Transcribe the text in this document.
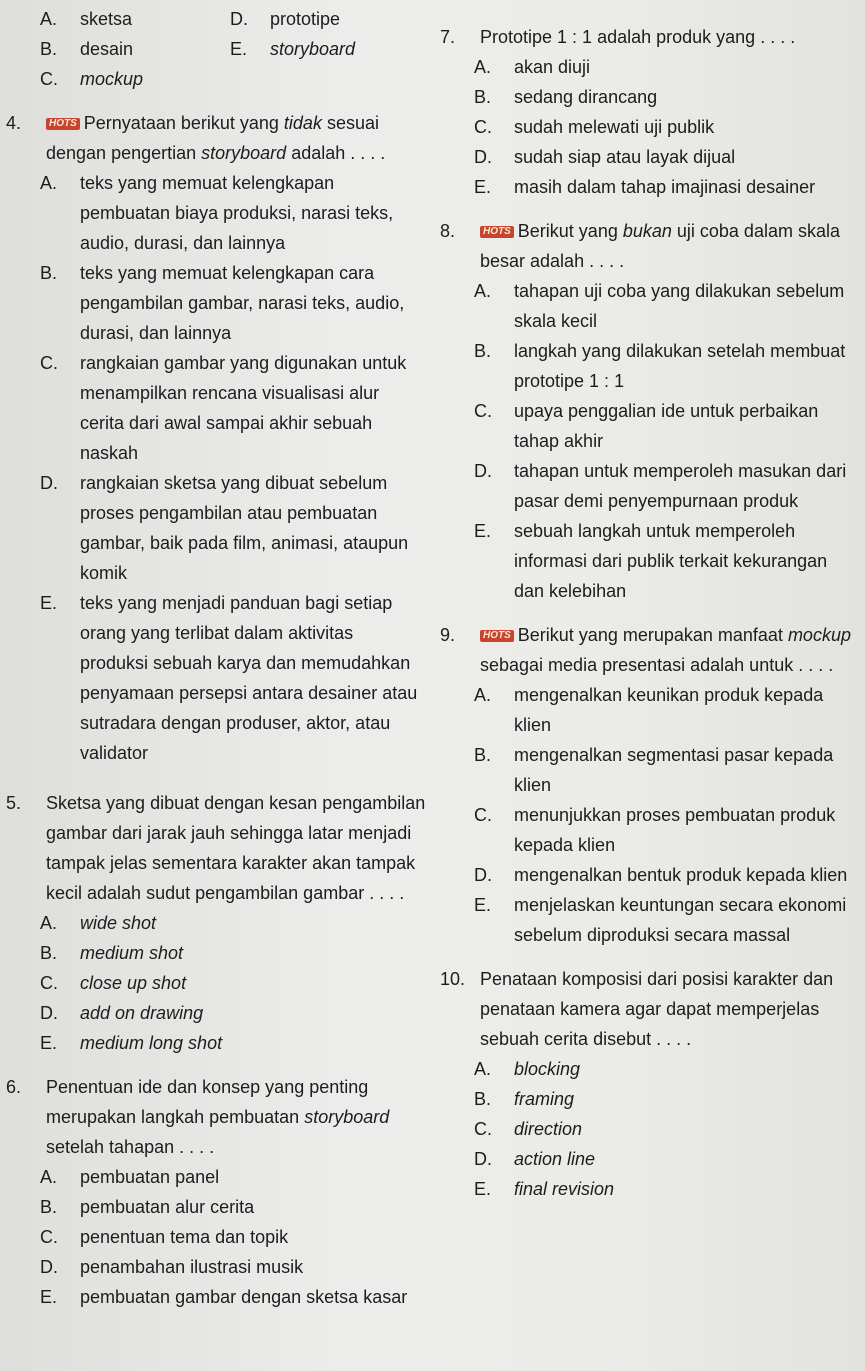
A.	sketsa	D.	prototipe
B.	desain	E.	storyboard
C.	mockup
4.	HOTS Pernyataan berikut yang tidak sesuai dengan pengertian storyboard adalah . . . .
A.	teks yang memuat kelengkapan pembuatan biaya produksi, narasi teks, audio, durasi, dan lainnya
B.	teks yang memuat kelengkapan cara pengambilan gambar, narasi teks, audio, durasi, dan lainnya
C.	rangkaian gambar yang digunakan untuk menampilkan rencana visualisasi alur cerita dari awal sampai akhir sebuah naskah
D.	rangkaian sketsa yang dibuat sebelum proses pengambilan atau pembuatan gambar, baik pada film, animasi, ataupun komik
E.	teks yang menjadi panduan bagi setiap orang yang terlibat dalam aktivitas produksi sebuah karya dan memudahkan penyamaan persepsi antara desainer atau sutradara dengan produser, aktor, atau validator
5.	Sketsa yang dibuat dengan kesan pengambilan gambar dari jarak jauh sehingga latar menjadi tampak jelas sementara karakter akan tampak kecil adalah sudut pengambilan gambar . . . .
A.	wide shot
B.	medium shot
C.	close up shot
D.	add on drawing
E.	medium long shot
6.	Penentuan ide dan konsep yang penting merupakan langkah pembuatan storyboard setelah tahapan . . . .
A.	pembuatan panel
B.	pembuatan alur cerita
C.	penentuan tema dan topik
D.	penambahan ilustrasi musik
E.	pembuatan gambar dengan sketsa kasar
7.	Prototipe 1 : 1 adalah produk yang . . . .
A.	akan diuji
B.	sedang dirancang
C.	sudah melewati uji publik
D.	sudah siap atau layak dijual
E.	masih dalam tahap imajinasi desainer
8.	HOTS Berikut yang bukan uji coba dalam skala besar adalah . . . .
A.	tahapan uji coba yang dilakukan sebelum skala kecil
B.	langkah yang dilakukan setelah membuat prototipe 1 : 1
C.	upaya penggalian ide untuk perbaikan tahap akhir
D.	tahapan untuk memperoleh masukan dari pasar demi penyempurnaan produk
E.	sebuah langkah untuk memperoleh informasi dari publik terkait kekurangan dan kelebihan
9.	HOTS Berikut yang merupakan manfaat mockup sebagai media presentasi adalah untuk . . . .
A.	mengenalkan keunikan produk kepada klien
B.	mengenalkan segmentasi pasar kepada klien
C.	menunjukkan proses pembuatan produk kepada klien
D.	mengenalkan bentuk produk kepada klien
E.	menjelaskan keuntungan secara ekonomi sebelum diproduksi secara massal
10. Penataan komposisi dari posisi karakter dan penataan kamera agar dapat memperjelas sebuah cerita disebut . . . .
A.	blocking
B.	framing
C.	direction
D.	action line
E.	final revision
